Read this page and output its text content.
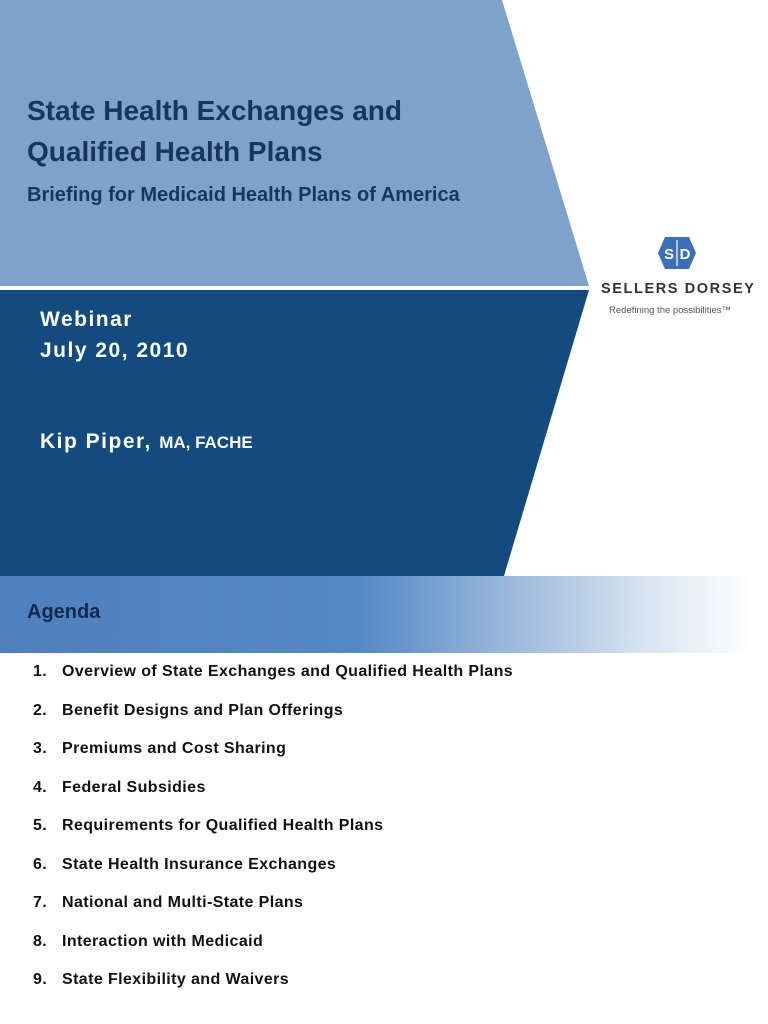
State Health Exchanges and
Qualified Health Plans

Briefing for Medicaid Health Plans of America

Webinar
July 20, 2010
Kip Piper, MA, FACHE
S D
SELLERS DORSEY
Redefining the possibilities™
Agenda
1. Overview of State Exchanges and Qualified Health Plans
2. Benefit Designs and Plan Offerings
3. Premiums and Cost Sharing
4. Federal Subsidies
5. Requirements for Qualified Health Plans
6. State Health Insurance Exchanges
7. National and Multi-State Plans
8. Interaction with Medicaid
9. State Flexibility and Waivers
